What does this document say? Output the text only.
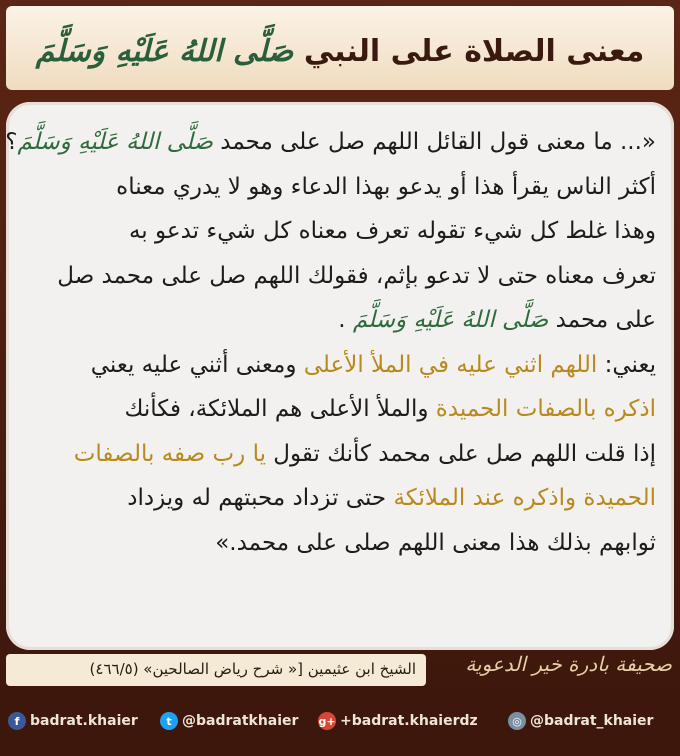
معنى الصلاة على النبي صَلَّى اللهُ عَلَيْهِ وَسَلَّمَ
«... ما معنى قول القائل اللهم صل على محمد صَلَّى اللهُ عَلَيْهِ وَسَلَّمَ؟
أكثر الناس يقرأ هذا أو يدعو بهذا الدعاء وهو لا يدري معناه
وهذا غلط كل شيء تقوله تعرف معناه كل شيء تدعو به
تعرف معناه حتى لا تدعو بإثم، فقولك اللهم صل على محمد صل
على محمد صَلَّى اللهُ عَلَيْهِ وَسَلَّمَ .
يعني: اللهم اثني عليه في الملأ الأعلى ومعنى أثني عليه يعني
اذكره بالصفات الحميدة والملأ الأعلى هم الملائكة، فكأنك
إذا قلت اللهم صل على محمد كأنك تقول يا رب صفه بالصفات
الحميدة واذكره عند الملائكة حتى تزداد محبتهم له ويزداد
ثوابهم بذلك هذا معنى اللهم صلى على محمد.»
الشيخ ابن عثيمين [« شرح رياض الصالحين» (٤٦٦/٥) صحيفة بادرة خير الدعوية
f badrat.khaier	t @badratkhaier g+ +badrat.khaierdz	◎ @badrat_khaier
